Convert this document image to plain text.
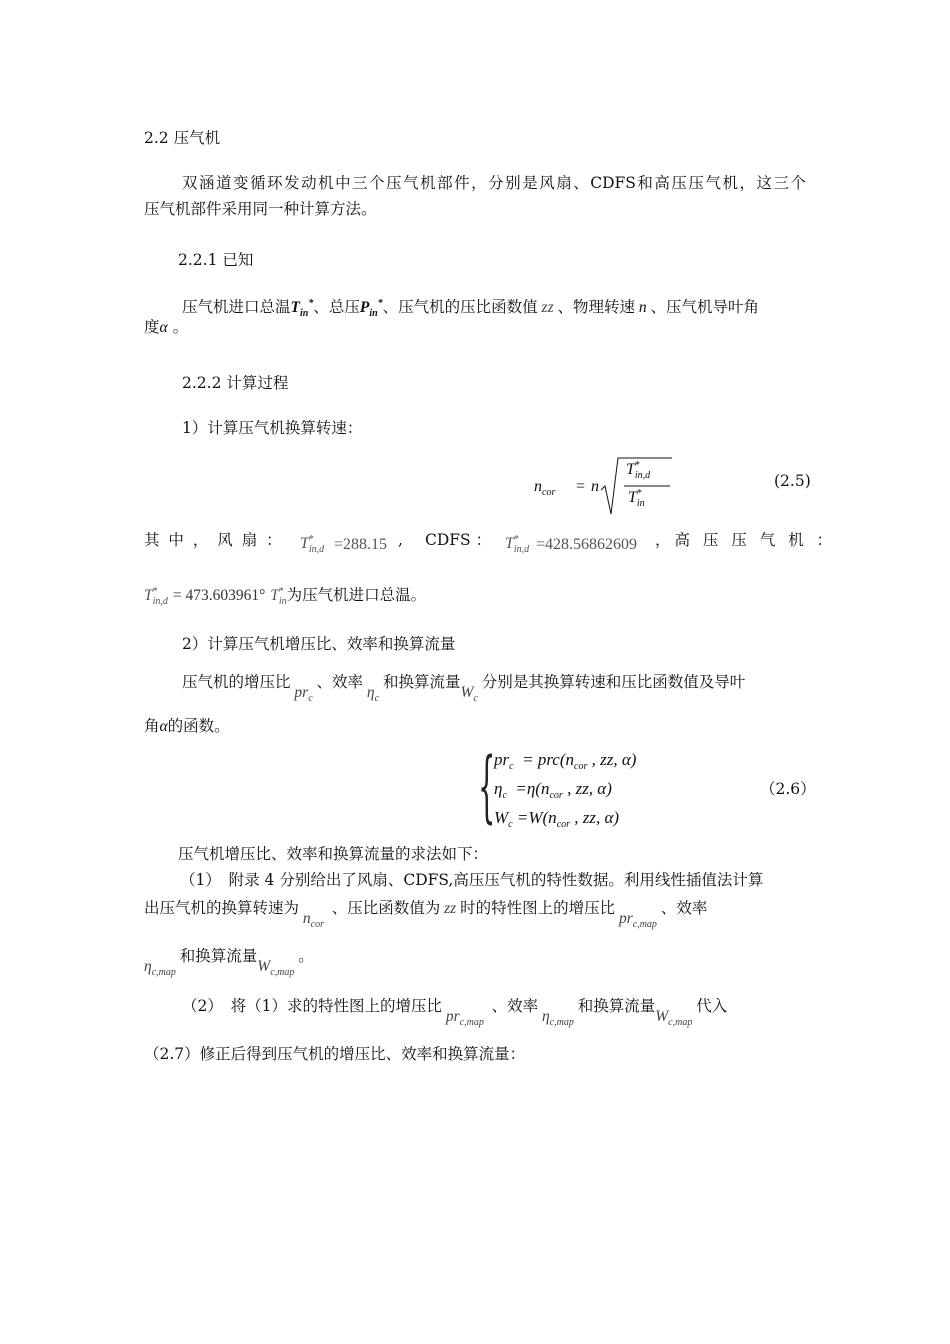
2.2 压气机
双涵道变循环发动机中三个压气机部件，分别是风扇、CDFS和高压压气机，这三个
压气机部件采用同一种计算方法。
2.2.1 已知
压气机进口总温$T_{in}^*$、总压$P_{in}^*$、压气机的压比函数值 zz 、物理转速 n 、压气机导叶角
度α 。
2.2.2 计算过程
1）计算压气机换算转速：
$n_{cor} = n$
$T^*_{in,d}$
$T^*_{in}$
(2.5)
其 中 ， 风 扇 ： $T^*_{in,d} =288.15$ , CDFS ： $T^*_{in,d} =428.56862609$ ，高 压 压 气 机 ：
$T^*_{in,d} = 473.603961^\circ$ $T^*_{in}$为压气机进口总温。
2）计算压气机增压比、效率和换算流量
压气机的增压比 $pr_c$ 、效率 $\eta_c$ 和换算流量$W_c$ 分别是其换算转速和压比函数值及导叶
角α的函数。
{
$pr_c = prc(n_{cor}$ , zz, α)
$\eta_c =\eta(n_{cor}$ , zz, α)
$W_c =W(n_{cor}$ , zz, α)
（2.6）
压气机增压比、效率和换算流量的求法如下：
（1）　附录 4 分别给出了风扇、CDFS,高压压气机的特性数据。利用线性插值法计算
出压气机的换算转速为 $n_{cor}$  、压比函数值为 zz 时的特性图上的增压比 $pr_{c,map}$ 、效率
$\eta_{c,map}$ 和换算流量$W_{c,map}$ 。
（2）　将（1）求的特性图上的增压比 $pr_{c,map}$  、效率 $\eta_{c,map}$ 和换算流量$W_{c,map}$ 代入
（2.7）修正后得到压气机的增压比、效率和换算流量：
